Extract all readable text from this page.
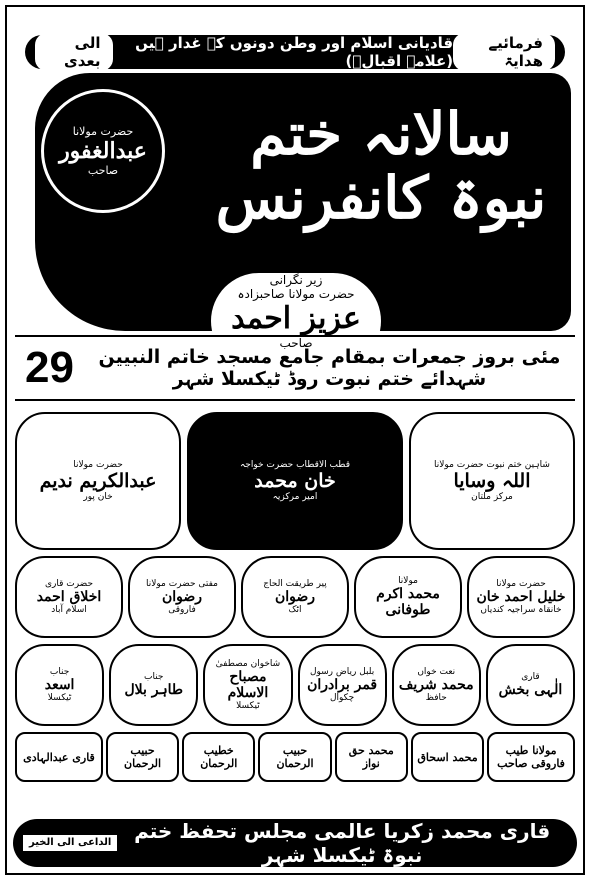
فرمائیے ھدایۃ
قادیانی اسلام اور وطن دونوں کے غدار ہیں (علامہ اقبالؒ)
الی بعدی
حضرت مولانا
عبدالغفور
صاحب
سالانہ ختم نبوۃ کانفرنس
زیر نگرانی
حضرت مولانا صاحبزادہ
عزیز احمد
صاحب
مئی بروز جمعرات بمقام جامع مسجد خاتم النبیین شہدائے ختم نبوت روڈ ٹیکسلا شہر
29
شاہین ختم نبوت حضرت مولانا
اللہ وسایا
مرکز ملتان
قطب الاقطاب حضرت خواجہ
خان محمد
امیر مرکزیہ
حضرت مولانا
عبدالکریم ندیم
خان پور
حضرت مولانا
خلیل احمد خان
خانقاہ سراجیہ کندیاں
مولانا
محمد اکرم طوفانی
پیر طریقت الحاج
رضوان
اٹک
مفتی حضرت مولانا
رضوان
فاروقی
حضرت قاری
اخلاق احمد
اسلام آباد
قاری
الٰہی بخش
نعت خواں
محمد شریف
حافظ
بلبل ریاض رسول
قمر برادران
چکوال
شاخوان مصطفیٰ
مصباح الاسلام
ٹیکسلا
جناب
طاہر بلال
جناب
اسعد
ٹیکسلا
مولانا طیب فاروقی صاحب
محمد اسحاق
محمد حق نواز
حبیب الرحمان
خطیب الرحمان
حبیب الرحمان
قاری عبدالہادی
قاری محمد زکریا عالمی مجلس تحفظ ختم نبوۃ ٹیکسلا شہر
الداعی الی الخیر
